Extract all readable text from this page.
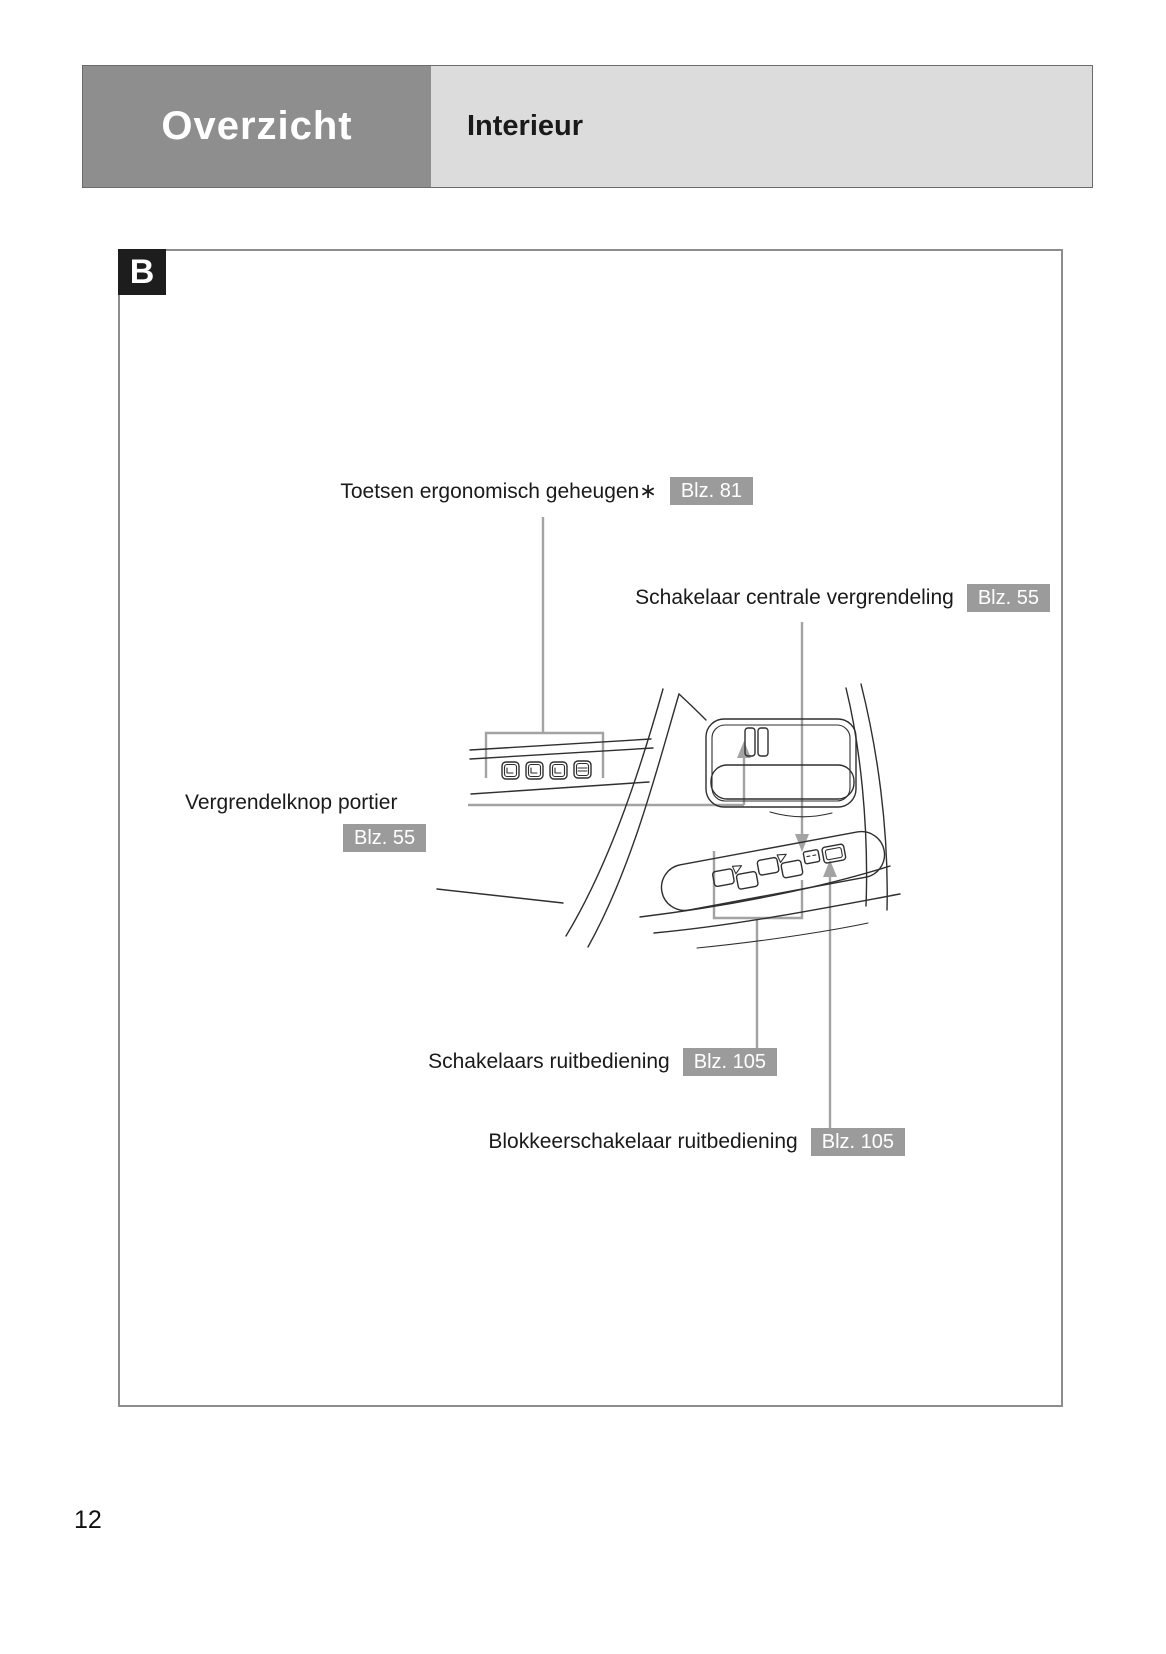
Overzicht	Interieur
B
Toetsen ergonomisch geheugen∗	Blz. 81
Schakelaar centrale vergrendeling	Blz. 55
Vergrendelknop portier
Blz. 55
Schakelaars ruitbediening	Blz. 105
Blokkeerschakelaar ruitbediening	Blz. 105
12
